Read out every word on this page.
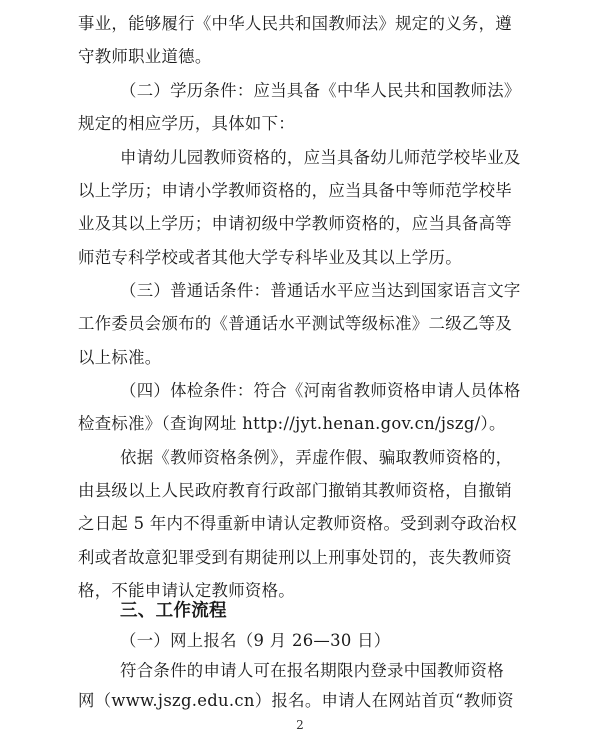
事业，能够履行《中华人民共和国教师法》规定的义务，遵

守教师职业道德。

（二）学历条件：应当具备《中华人民共和国教师法》

规定的相应学历，具体如下：

申请幼儿园教师资格的，应当具备幼儿师范学校毕业及

以上学历；申请小学教师资格的，应当具备中等师范学校毕

业及其以上学历；申请初级中学教师资格的，应当具备高等

师范专科学校或者其他大学专科毕业及其以上学历。

（三）普通话条件：普通话水平应当达到国家语言文字

工作委员会颁布的《普通话水平测试等级标准》二级乙等及

以上标准。

（四）体检条件：符合《河南省教师资格申请人员体格

检查标准》（查询网址 http://jyt.henan.gov.cn/jszg/）。

依据《教师资格条例》，弄虚作假、骗取教师资格的，

由县级以上人民政府教育行政部门撤销其教师资格，自撤销

之日起 5 年内不得重新申请认定教师资格。受到剥夺政治权

利或者故意犯罪受到有期徒刑以上刑事处罚的，丧失教师资

格，不能申请认定教师资格。

三、工作流程

（一）网上报名（9 月 26—30 日）

符合条件的申请人可在报名期限内登录中国教师资格

网（www.jszg.edu.cn）报名。申请人在网站首页“教师资

2
